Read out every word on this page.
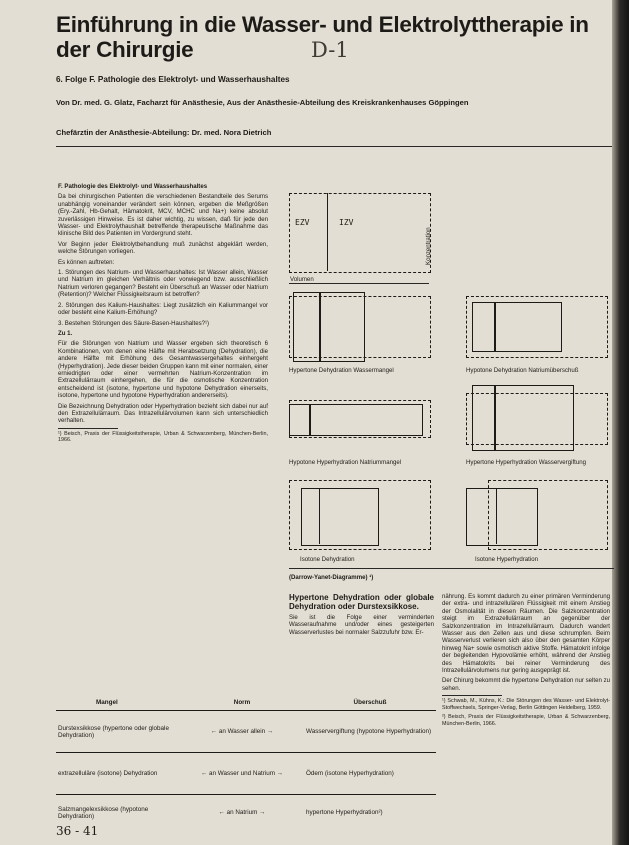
Einführung in die Wasser- und Elektrolyttherapie in der Chirurgie	D-1
6. Folge F. Pathologie des Elektrolyt- und Wasserhaushaltes
Von Dr. med. G. Glatz, Facharzt für Anästhesie, Aus der Anästhesie-Abteilung des Kreiskrankenhauses Göppingen
Chefärztin der Anästhesie-Abteilung: Dr. med. Nora Dietrich

F. Pathologie des Elektrolyt- und Wasserhaushaltes

Da bei chirurgischen Patienten die verschiedenen Bestandteile des Serums unabhängig voneinander verändert sein können, ergeben die Meßgrößen (Ery.-Zahl, Hb-Gehalt, Hämatokrit, MCV, MCHC und Na+) keine absolut zuverlässigen Hinweise. Es ist daher wichtig, zu wissen, daß für jede den Wasser- und Elektrolythaushalt betreffende therapeutische Maßnahme das klinische Bild des Patienten im Vordergrund steht.

Vor Beginn jeder Elektrolytbehandlung muß zunächst abgeklärt werden, welche Störungen vorliegen.

Es können auftreten:

1. Störungen des Natrium- und Wasserhaushaltes: Ist Wasser allein, Wasser und Natrium im gleichen Verhältnis oder vorwiegend bzw. ausschließlich Natrium verloren gegangen? Besteht ein Überschuß an Wasser oder Natrium (Retention)? Welcher Flüssigkeitsraum ist betroffen?

2. Störungen des Kalium-Haushaltes: Liegt zusätzlich ein Kaliummangel vor oder besteht eine Kalium-Erhöhung?

3. Bestehen Störungen des Säure-Basen-Haushaltes?¹)

Zu 1.

Für die Störungen von Natrium und Wasser ergeben sich theoretisch 6 Kombinationen, von denen eine Hälfte mit Herabsetzung (Dehydration), die andere Hälfte mit Erhöhung des Gesamtwassergehaltes einhergeht (Hyperhydration). Jede dieser beiden Gruppen kann mit einer normalen, einer erniedrigten oder einer vermehrten Natrium-Konzentration im Extrazellulärraum einhergehen, die für die osmotische Konzentration entscheidend ist (isotone, hypertone und hypotone Dehydration einerseits, isotone, hypertone und hypotone Hyperhydration andererseits).

Die Bezeichnung Dehydration oder Hyperhydration bezieht sich dabei nur auf den Extrazellulärraum. Das Intrazellulärvolumen kann sich unterschiedlich verhalten.

¹) Beisch, Praxis der Flüssigkeitstherapie, Urban & Schwarzenberg, München-Berlin, 1966.

EZV	IZV
Konzentration
Volumen
Hypertone Dehydration Wassermangel	Hypotone Dehydration Natriumüberschuß
Hypotone Hyperhydration Natriummangel	Hypertone Hyperhydration Wasservergiftung
Isotone Dehydration	Isotone Hyperhydration
(Darrow-Yanet-Diagramme) ¹)

Hypertone Dehydration oder globale Dehydration oder Durstexsikkose.

Sie ist die Folge einer verminderten Wasseraufnahme und/oder eines gesteigerten Wasserverlustes bei normaler Salzzufuhr bzw. Er-

nährung. Es kommt dadurch zu einer primären Verminderung der extra- und intrazellulären Flüssigkeit mit einem Anstieg der Osmolalität in diesen Räumen. Die Salzkonzentration steigt im Extrazellulärraum an gegenüber der Salzkonzentration im Intrazellulärraum. Dadurch wandert Wasser aus den Zellen aus und diese schrumpfen. Beim Wasserverlust verlieren sich also über den gesamten Körper hinweg Na+ sowie osmotisch aktive Stoffe. Hämatokrit infolge der begleitenden Hypovolämie erhöht, während der Anstieg des Hämatokrits bei reiner Verminderung des Intrazellulärvolumens nur gering ausgeprägt ist.

Der Chirurg bekommt die hypertone Dehydration nur selten zu sehen.

¹) Schwab, M., Kühns, K.: Die Störungen des Wasser- und Elektrolyt-Stoffwechsels, Springer-Verlag, Berlin Göttingen Heidelberg, 1959.

²) Beisch, Praxis der Flüssigkeitstherapie, Urban & Schwarzenberg, München-Berlin, 1966.

Mangel	Norm	Überschuß
Durstexsikkose (hypertone oder globale Dehydration)	← an Wasser allein →	Wasservergiftung (hypotone Hyperhydration)
extrazelluläre (isotone) Dehydration	← an Wasser und Natrium →	Ödem (isotone Hyperhydration)
Salzmangelexsikkose (hypotone Dehydration)	← an Natrium →	hypertone Hyperhydration²)
36 - 41
